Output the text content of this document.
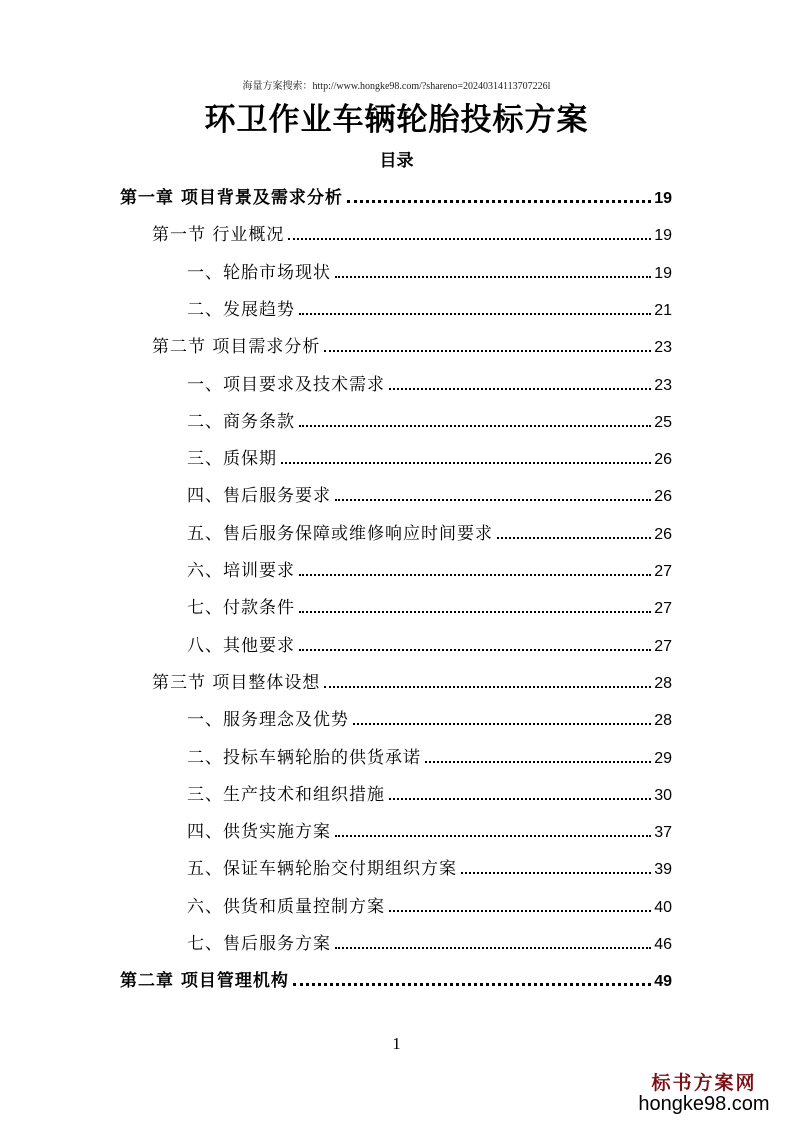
海量方案搜索：http://www.hongke98.com/?shareno=20240314113707226l
环卫作业车辆轮胎投标方案
目录
第一章 项目背景及需求分析	19
第一节 行业概况	19
一、轮胎市场现状	19
二、发展趋势	21
第二节 项目需求分析	23
一、项目要求及技术需求	23
二、商务条款	25
三、质保期	26
四、售后服务要求	26
五、售后服务保障或维修响应时间要求	26
六、培训要求	27
七、付款条件	27
八、其他要求	27
第三节 项目整体设想	28
一、服务理念及优势	28
二、投标车辆轮胎的供货承诺	29
三、生产技术和组织措施	30
四、供货实施方案	37
五、保证车辆轮胎交付期组织方案	39
六、供货和质量控制方案	40
七、售后服务方案	46
第二章 项目管理机构	49
1
标书方案网
hongke98.com
